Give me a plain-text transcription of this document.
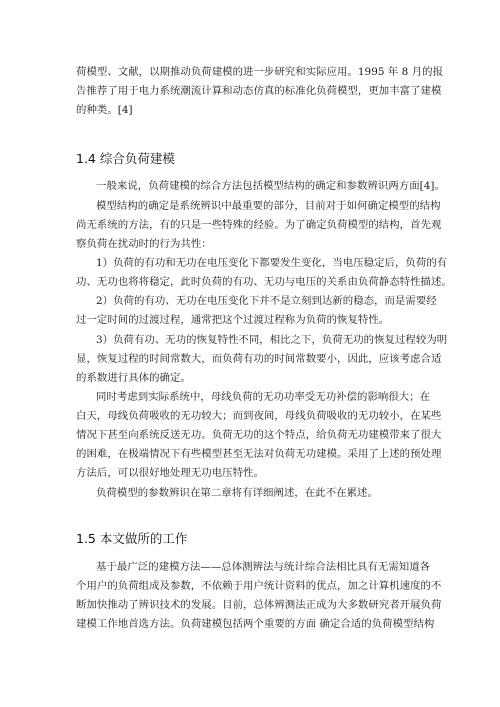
荷模型、文献，以期推动负荷建模的进一步研究和实际应用。1995 年 8 月的报
告推荐了用于电力系统潮流计算和动态仿真的标准化负荷模型，更加丰富了建模
的种类。[4]
1.4 综合负荷建模
一般来说，负荷建模的综合方法包括模型结构的确定和参数辨识两方面[4]。
模型结构的确定是系统辨识中最重要的部分，目前对于如何确定模型的结构
尚无系统的方法，有的只是一些特殊的经验。为了确定负荷模型的结构，首先观
察负荷在扰动时的行为共性：
1）负荷的有功和无功在电压变化下都要发生变化，当电压稳定后，负荷的有
功、无功也将将稳定，此时负荷的有功、无功与电压的关系由负荷静态特性描述。
2）负荷的有功、无功在电压变化下并不是立刻到达新的稳态，而是需要经
过一定时间的过渡过程，通常把这个过渡过程称为负荷的恢复特性。
3）负荷有功、无功的恢复特性不同，相比之下，负荷无功的恢复过程较为明
显，恢复过程的时间常数大，而负荷有功的时间常数要小，因此，应该考虑合适
的系数进行具体的确定。
同时考虑到实际系统中，母线负荷的无功功率受无功补偿的影响很大；在
白天，母线负荷吸收的无功较大；而到夜间，母线负荷吸收的无功较小，在某些
情况下甚至向系统反送无功。负荷无功的这个特点，给负荷无功建模带来了很大
的困难，在极端情况下有些模型甚至无法对负荷无功建模。采用了上述的预处理
方法后，可以很好地处理无功电压特性。
负荷模型的参数辨识在第二章将有详细阐述，在此不在累述。
1.5 本文做所的工作
基于最广泛的建模方法——总体测辨法与统计综合法相比具有无需知道各
个用户的负荷组成及参数，不依赖于用户统计资料的优点，加之计算机速度的不
断加快推动了辨识技术的发展。目前，总体辨测法正成为大多数研究者开展负荷
建模工作地首选方法。负荷建模包括两个重要的方面 确定合适的负荷模型结构
